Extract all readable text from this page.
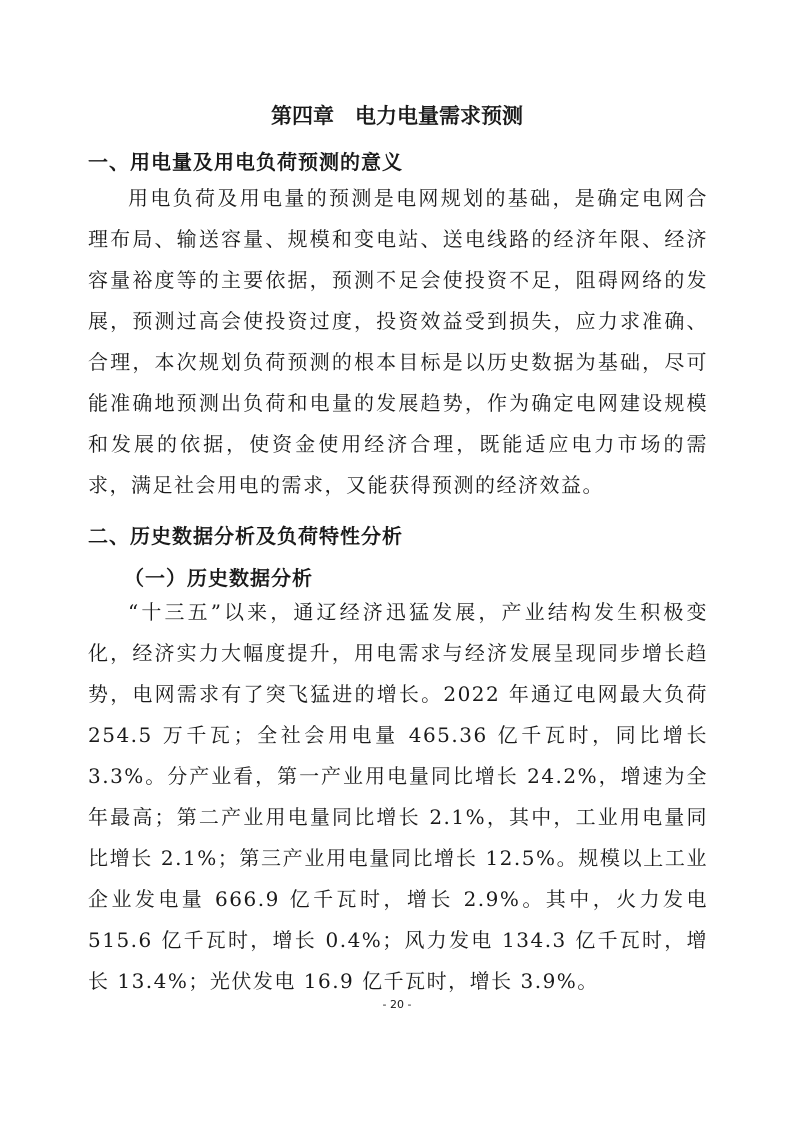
第四章　电力电量需求预测
一、用电量及用电负荷预测的意义

用电负荷及用电量的预测是电网规划的基础，是确定电网合理布局、输送容量、规模和变电站、送电线路的经济年限、经济容量裕度等的主要依据，预测不足会使投资不足，阻碍网络的发展，预测过高会使投资过度，投资效益受到损失，应力求准确、合理，本次规划负荷预测的根本目标是以历史数据为基础，尽可能准确地预测出负荷和电量的发展趋势，作为确定电网建设规模和发展的依据，使资金使用经济合理，既能适应电力市场的需求，满足社会用电的需求，又能获得预测的经济效益。

二、历史数据分析及负荷特性分析
（一）历史数据分析

“十三五”以来，通辽经济迅猛发展，产业结构发生积极变化，经济实力大幅度提升，用电需求与经济发展呈现同步增长趋势，电网需求有了突飞猛进的增长。2022 年通辽电网最大负荷 254.5 万千瓦；全社会用电量 465.36 亿千瓦时，同比增长 3.3%。分产业看，第一产业用电量同比增长 24.2%，增速为全年最高；第二产业用电量同比增长 2.1%，其中，工业用电量同比增长 2.1%；第三产业用电量同比增长 12.5%。规模以上工业企业发电量 666.9 亿千瓦时，增长 2.9%。其中，火力发电 515.6 亿千瓦时，增长 0.4%；风力发电 134.3 亿千瓦时，增长 13.4%；光伏发电 16.9 亿千瓦时，增长 3.9%。

- 20 -
